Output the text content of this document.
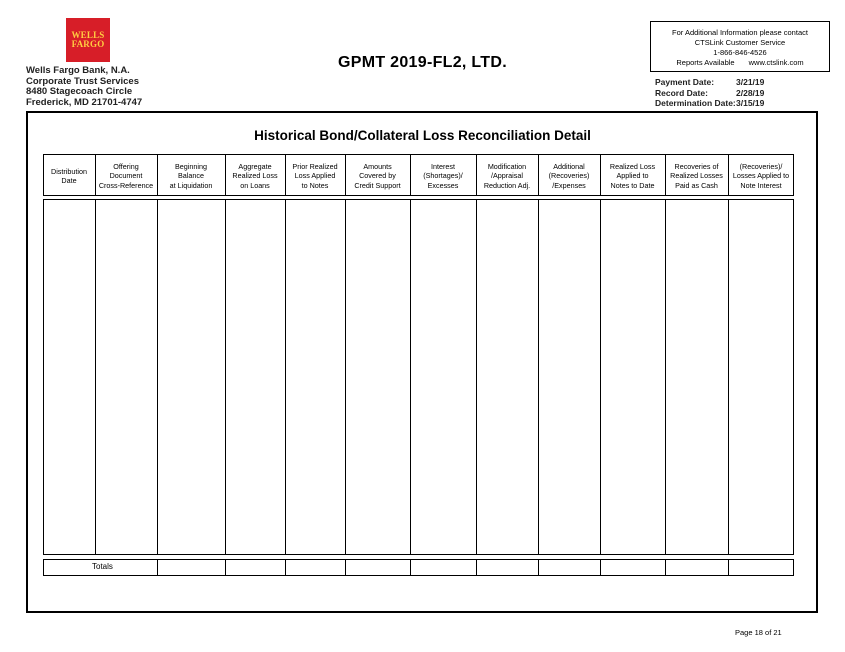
WELLS
FARGO
Wells Fargo Bank, N.A.
Corporate Trust Services
8480 Stagecoach Circle
Frederick, MD 21701-4747
GPMT 2019-FL2, LTD.
For Additional Information please contact
CTSLink Customer Service
1-866-846-4526
Reports Available www.ctslink.com
Payment Date:	3/21/19
Record Date:	2/28/19
Determination Date: 3/15/19
Historical Bond/Collateral Loss Reconciliation Detail
Distribution
Date
Offering
Document
Cross-Reference
Beginning
Balance
at Liquidation
Aggregate
Realized Loss
on Loans
Prior Realized
Loss Applied
to Notes
Amounts
Covered by
Credit Support
Interest
(Shortages)/
Excesses
Modification
/Appraisal
Reduction Adj.
Additional
(Recoveries)
/Expenses
Realized Loss
Applied to
Notes to Date
Recoveries of
Realized Losses
Paid as Cash
(Recoveries)/
Losses Applied to
Note Interest
Totals
Page 18 of 21
